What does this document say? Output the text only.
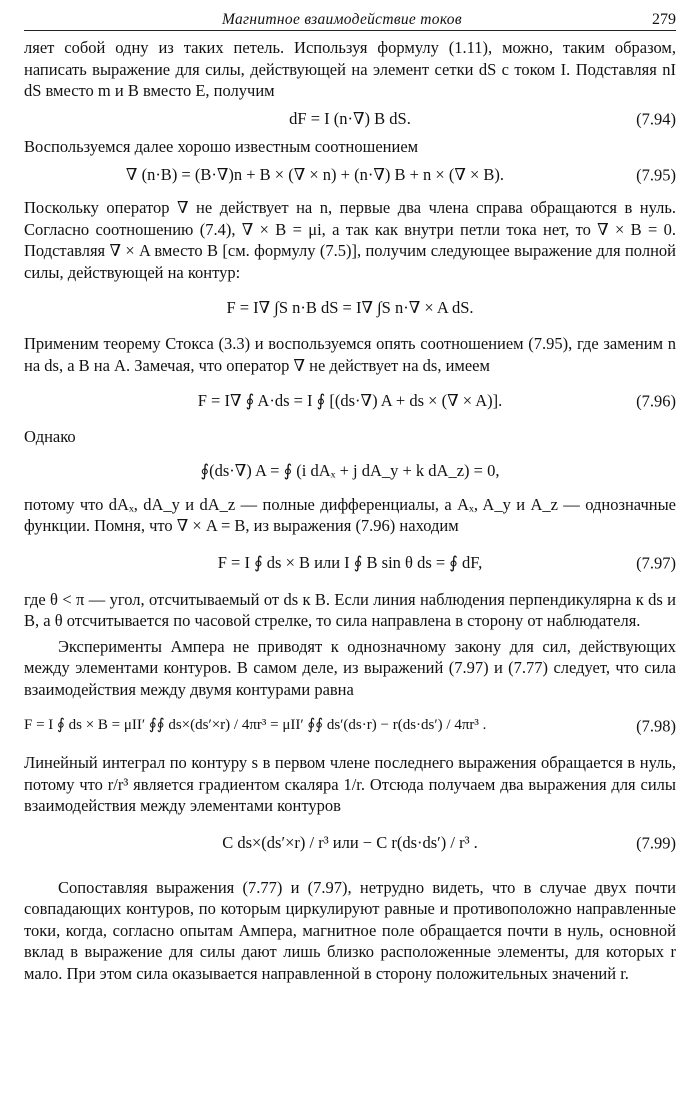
Магнитное взаимодействие токов	279

ляет собой одну из таких петель. Используя формулу (1.11), можно, таким образом, написать выражение для силы, действующей на элемент сетки dS с током I. Подставляя nI dS вместо m и B вместо E, получим

dF = I (n·∇) B dS.	(7.94)

Воспользуемся далее хорошо известным соотношением

∇ (n·B) = (B·∇)n + B × (∇ × n) + (n·∇) B + n × (∇ × B).	(7.95)

Поскольку оператор ∇ не действует на n, первые два члена справа обращаются в нуль. Согласно соотношению (7.4), ∇ × B = μi, а так как внутри петли тока нет, то ∇ × B = 0. Подставляя ∇ × A вместо B [см. формулу (7.5)], получим следующее выражение для полной силы, действующей на контур:

F = I∇ ∫S n·B dS = I∇ ∫S n·∇ × A dS.

Применим теорему Стокса (3.3) и воспользуемся опять соотношением (7.95), где заменим n на ds, а B на A. Замечая, что оператор ∇ не действует на ds, имеем

F = I∇ ∮ A·ds = I ∮ [(ds·∇) A + ds × (∇ × A)].	(7.96)

Однако

∮(ds·∇) A = ∮ (i dAₓ + j dA_y + k dA_z) = 0,

потому что dAₓ, dA_y и dA_z — полные дифференциалы, а Aₓ, A_y и A_z — однозначные функции. Помня, что ∇ × A = B, из выражения (7.96) находим

F = I ∮ ds × B или I ∮ B sin θ ds = ∮ dF,	(7.97)

где θ < π — угол, отсчитываемый от ds к B. Если линия наблюдения перпендикулярна к ds и B, а θ отсчитывается по часовой стрелке, то сила направлена в сторону от наблюдателя.

Эксперименты Ампера не приводят к однозначному закону для сил, действующих между элементами контуров. В самом деле, из выражений (7.97) и (7.77) следует, что сила взаимодействия между двумя контурами равна

F = I ∮ ds × B = μII′ ∮∮ ds×(ds′×r) / 4πr³ = μII′ ∮∮ ds′(ds·r) − r(ds·ds′) / 4πr³ .	(7.98)

Линейный интеграл по контуру s в первом члене последнего выражения обращается в нуль, потому что r/r³ является градиентом скаляра 1/r. Отсюда получаем два выражения для силы взаимодействия между элементами контуров

C ds×(ds′×r) / r³ или − C r(ds·ds′) / r³ .	(7.99)

Сопоставляя выражения (7.77) и (7.97), нетрудно видеть, что в случае двух почти совпадающих контуров, по которым циркулируют равные и противоположно направленные токи, когда, согласно опытам Ампера, магнитное поле обращается почти в нуль, основной вклад в выражение для силы дают лишь близко расположенные элементы, для которых r мало. При этом сила оказывается направленной в сторону положительных значений r.
